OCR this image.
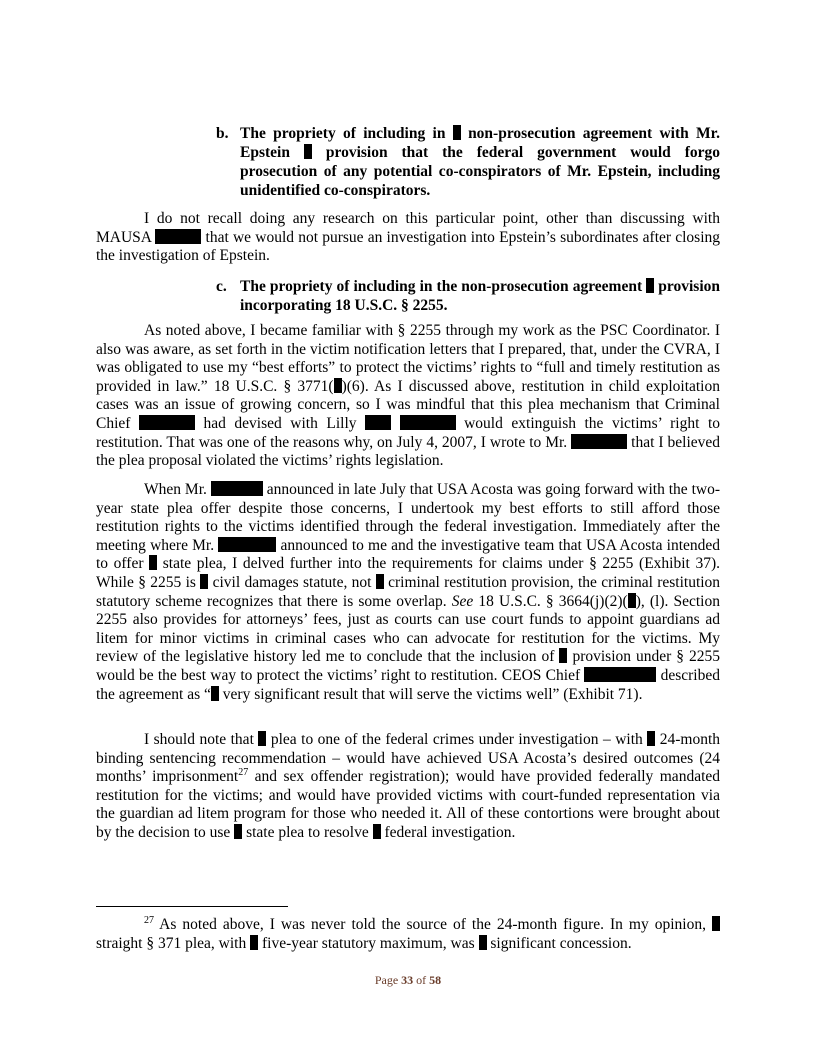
b. The propriety of including in non-prosecution agreement with Mr. Epstein provision that the federal government would forgo prosecution of any potential co-conspirators of Mr. Epstein, including unidentified co-conspirators.

I do not recall doing any research on this particular point, other than discussing with MAUSA	that we would not pursue an investigation into Epstein’s subordinates after closing the investigation of Epstein.

c. The propriety of including in the non-prosecution agreement provision incorporating 18 U.S.C. § 2255.

As noted above, I became familiar with § 2255 through my work as the PSC Coordinator. I also was aware, as set forth in the victim notification letters that I prepared, that, under the CVRA, I was obligated to use my “best efforts” to protect the victims’ rights to “full and timely restitution as provided in law.” 18 U.S.C. § 3771( )(6). As I discussed above, restitution in child exploitation cases was an issue of growing concern, so I was mindful that this plea mechanism that Criminal Chief	had devised with Lilly	would extinguish the victims’ right to restitution. That was one of the reasons why, on July 4, 2007, I wrote to Mr.	that I believed the plea proposal violated the victims’ rights legislation.

When Mr.	announced in late July that USA Acosta was going forward with the two-year state plea offer despite those concerns, I undertook my best efforts to still afford those restitution rights to the victims identified through the federal investigation. Immediately after the meeting where Mr.	announced to me and the investigative team that USA Acosta intended to offer state plea, I delved further into the requirements for claims under § 2255 (Exhibit 37). While § 2255 is civil damages statute, not criminal restitution provision, the criminal restitution statutory scheme recognizes that there is some overlap. See 18 U.S.C. § 3664(j)(2)( ), (l). Section 2255 also provides for attorneys’ fees, just as courts can use court funds to appoint guardians ad litem for minor victims in criminal cases who can advocate for restitution for the victims. My review of the legislative history led me to conclude that the inclusion of provision under § 2255 would be the best way to protect the victims’ right to restitution. CEOS Chief	described the agreement as “ very significant result that will serve the victims well” (Exhibit 71).

I should note that plea to one of the federal crimes under investigation – with 24-month binding sentencing recommendation – would have achieved USA Acosta’s desired outcomes (24 months’ imprisonment$^{27}$ and sex offender registration); would have provided federally mandated restitution for the victims; and would have provided victims with court-funded representation via the guardian ad litem program for those who needed it. All of these contortions were brought about by the decision to use state plea to resolve federal investigation.

$^{27}$ As noted above, I was never told the source of the 24-month figure. In my opinion,  straight § 371 plea, with five-year statutory maximum, was significant concession.

Page 33 of 58
